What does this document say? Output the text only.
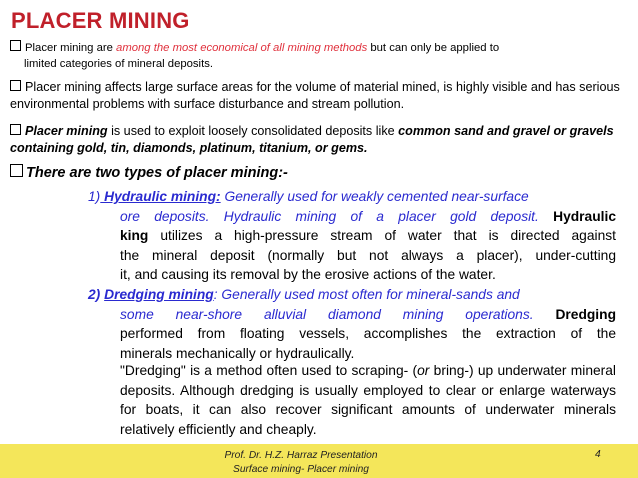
PLACER MINING
Placer mining are among the most economical of all mining methods but can only be applied to
limited categories of mineral deposits.
Placer mining affects large surface areas for the volume of material mined, is highly visible and has serious environmental problems with surface disturbance and stream pollution.
Placer mining is used to exploit loosely consolidated deposits like common sand and gravel or gravels containing gold, tin, diamonds, platinum, titanium, or gems.
There are two types of placer mining:-
1) Hydraulic mining: Generally used for weakly cemented near-surface
ore deposits. Hydraulic mining of a placer gold deposit. Hydraulic
king utilizes a high-pressure stream of water that is directed against
the mineral deposit (normally but not always a placer), under-cutting
it, and causing its removal by the erosive actions of the water.
2) Dredging mining: Generally used most often for mineral-sands and
some near-shore alluvial diamond mining operations. Dredging
performed from floating vessels, accomplishes the extraction of the
minerals mechanically or hydraulically.
"Dredging" is a method often used to scraping- (or bring-) up underwater mineral deposits. Although dredging is usually employed to clear or enlarge waterways for boats, it can also recover significant amounts of underwater minerals relatively efficiently and cheaply.
Prof. Dr. H.Z. Harraz Presentation
Surface mining- Placer mining
4
